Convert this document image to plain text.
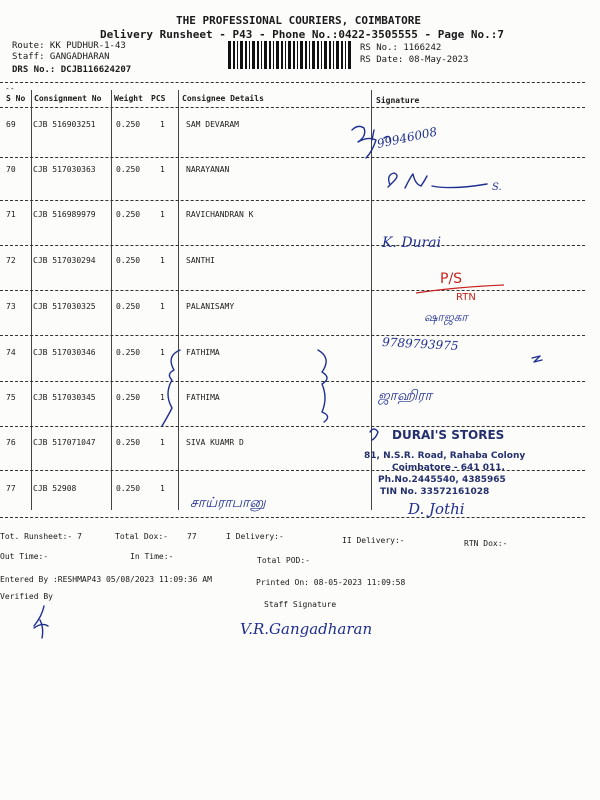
THE PROFESSIONAL COURIERS, COIMBATORE
Delivery Runsheet - P43 - Phone No.:0422-3505555 - Page No.:7
Route: KK PUDHUR-1-43
Staff: GANGADHARAN
DRS No.: DCJB116624207
RS No.: 1166242
RS Date: 08-May-2023
--
S No Consignment No Weight PCS Consignee Details	Signature
69 CJB 516903251	0.250 1	SAM DEVARAM
70 CJB 517030363	0.250 1	NARAYANAN
71 CJB 516989979	0.250 1	RAVICHANDRAN K
72 CJB 517030294	0.250 1	SANTHI
73 CJB 517030325	0.250 1	PALANISAMY
74 CJB 517030346	0.250 1	FATHIMA
75 CJB 517030345	0.250 1	FATHIMA
76 CJB 517071047	0.250 1	SIVA KUAMR D
77 CJB 52908	0.250 1
99946008
S.
K. Durai
P/S
RTN
ஷாஜகா
9789793975
ஜாஹிரா
DURAI'S STORES
81, N.S.R. Road, Rahaba Colony
Coimbatore - 641 011.
Ph.No.2445540, 4385965
TIN No. 33572161028
D. Jothi
சாய்ராபானு
V.R.Gangadharan
Tot. Runsheet:- 7	Total Dox:- 77	I Delivery:-	II Delivery:-	RTN Dox:-
Out Time:-	In Time:-	Total POD:-
Entered By :RESHMAP43 05/08/2023 11:09:36 AM	Printed On: 08-05-2023 11:09:58
Verified By
Staff Signature
